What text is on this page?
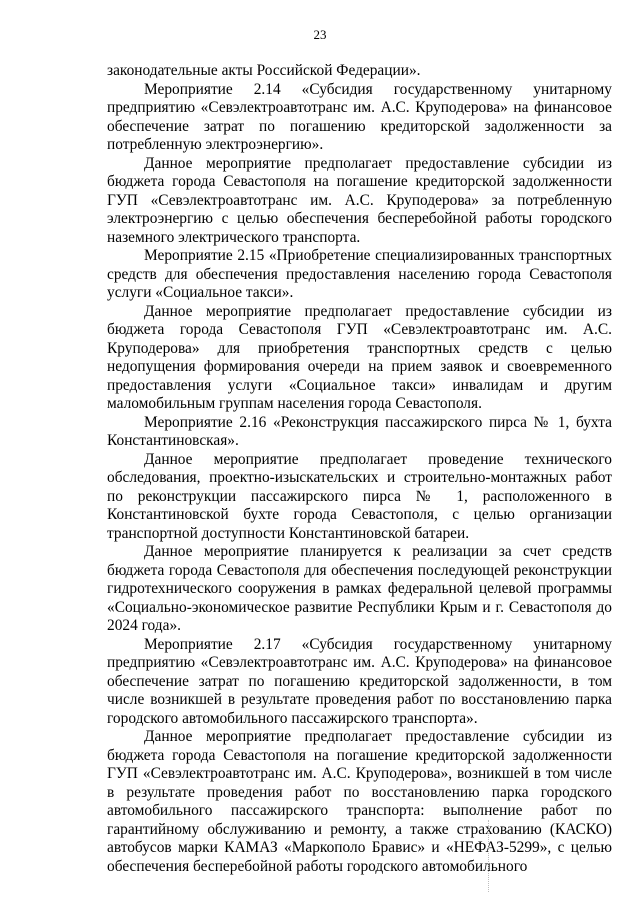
23

законодательные акты Российской Федерации».

Мероприятие 2.14 «Субсидия государственному унитарному предприятию «Севэлектроавтотранс им. А.С. Круподерова» на финансовое обеспечение затрат по погашению кредиторской задолженности за потребленную электроэнергию».

Данное мероприятие предполагает предоставление субсидии из бюджета города Севастополя на погашение кредиторской задолженности ГУП «Севэлектроавтотранс им. А.С. Круподерова» за потребленную электроэнергию с целью обеспечения бесперебойной работы городского наземного электрического транспорта.

Мероприятие 2.15 «Приобретение специализированных транспортных средств для обеспечения предоставления населению города Севастополя услуги «Социальное такси».

Данное мероприятие предполагает предоставление субсидии из бюджета города Севастополя ГУП «Севэлектроавтотранс им. А.С. Круподерова» для приобретения транспортных средств с целью недопущения формирования очереди на прием заявок и своевременного предоставления услуги «Социальное такси» инвалидам и другим маломобильным группам населения города Севастополя.

Мероприятие 2.16 «Реконструкция пассажирского пирса № 1, бухта Константиновская».

Данное мероприятие предполагает проведение технического обследования, проектно-изыскательских и строительно-монтажных работ по реконструкции пассажирского пирса № 1, расположенного в Константиновской бухте города Севастополя, с целью организации транспортной доступности Константиновской батареи.

Данное мероприятие планируется к реализации за счет средств бюджета города Севастополя для обеспечения последующей реконструкции гидротехнического сооружения в рамках федеральной целевой программы «Социально-экономическое развитие Республики Крым и г. Севастополя до 2024 года».

Мероприятие 2.17 «Субсидия государственному унитарному предприятию «Севэлектроавтотранс им. А.С. Круподерова» на финансовое обеспечение затрат по погашению кредиторской задолженности, в том числе возникшей в результате проведения работ по восстановлению парка городского автомобильного пассажирского транспорта».

Данное мероприятие предполагает предоставление субсидии из бюджета города Севастополя на погашение кредиторской задолженности ГУП «Севэлектроавтотранс им. А.С. Круподерова», возникшей в том числе в результате проведения работ по восстановлению парка городского автомобильного пассажирского транспорта: выполнение работ по гарантийному обслуживанию и ремонту, а также страхованию (КАСКО) автобусов марки КАМАЗ «Маркополо Бравис» и «НЕФАЗ-5299», с целью обеспечения бесперебойной работы городского автомобильного
